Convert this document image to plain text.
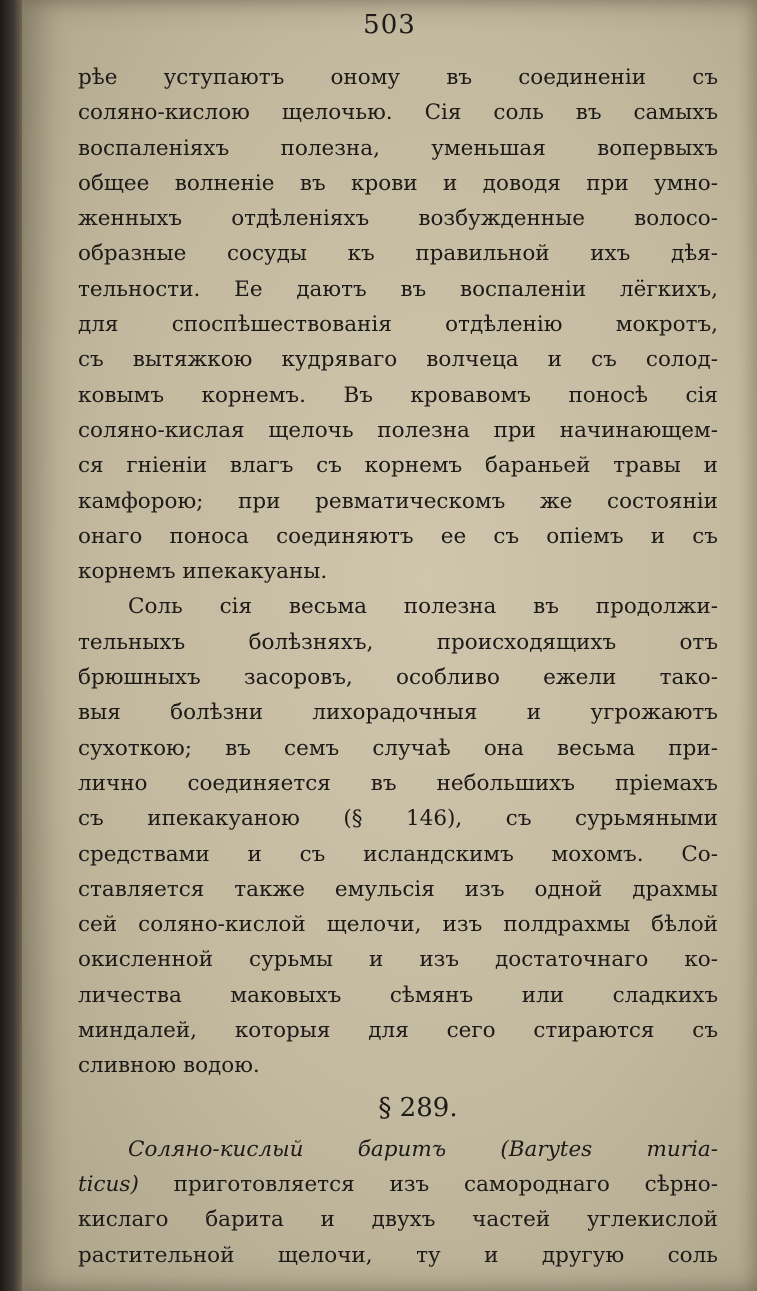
503
рѣе уступаютъ оному въ соединеніи съ
соляно-кислою щелочью. Сія соль въ самыхъ
воспаленіяхъ полезна, уменьшая вопервыхъ
общее волненіе въ крови и доводя при умно-
женныхъ отдѣленіяхъ возбужденные волосо-
образные сосуды къ правильной ихъ дѣя-
тельности. Ее даютъ въ воспаленіи лёгкихъ,
для споспѣшествованія отдѣленію мокротъ,
съ вытяжкою кудряваго волчеца и съ солод-
ковымъ корнемъ. Въ кровавомъ поносѣ сія
соляно-кислая щелочь полезна при начинающем-
ся гніеніи влагъ съ корнемъ бараньей травы и
камфорою; при ревматическомъ же состояніи
онаго поноса соединяютъ ее съ опіемъ и съ
корнемъ ипекакуаны.
Соль сія весьма полезна въ продолжи-
тельныхъ болѣзняхъ, происходящихъ отъ
брюшныхъ засоровъ, особливо ежели тако-
выя болѣзни лихорадочныя и угрожаютъ
сухоткою; въ семъ случаѣ она весьма при-
лично соединяется въ небольшихъ пріемахъ
съ ипекакуаною (§ 146), съ сурьмяными
средствами и съ исландскимъ мохомъ. Со-
ставляется также емульсія изъ одной драхмы
сей соляно-кислой щелочи, изъ полдрахмы бѣлой
окисленной сурьмы и изъ достаточнаго ко-
личества маковыхъ сѣмянъ или сладкихъ
миндалей, которыя для сего стираются съ
сливною водою.
§ 289.
Соляно-кислый баритъ (Barytes muria-
ticus) приготовляется изъ самороднаго сѣрно-
кислаго барита и двухъ частей углекислой
растительной щелочи, ту и другую соль
